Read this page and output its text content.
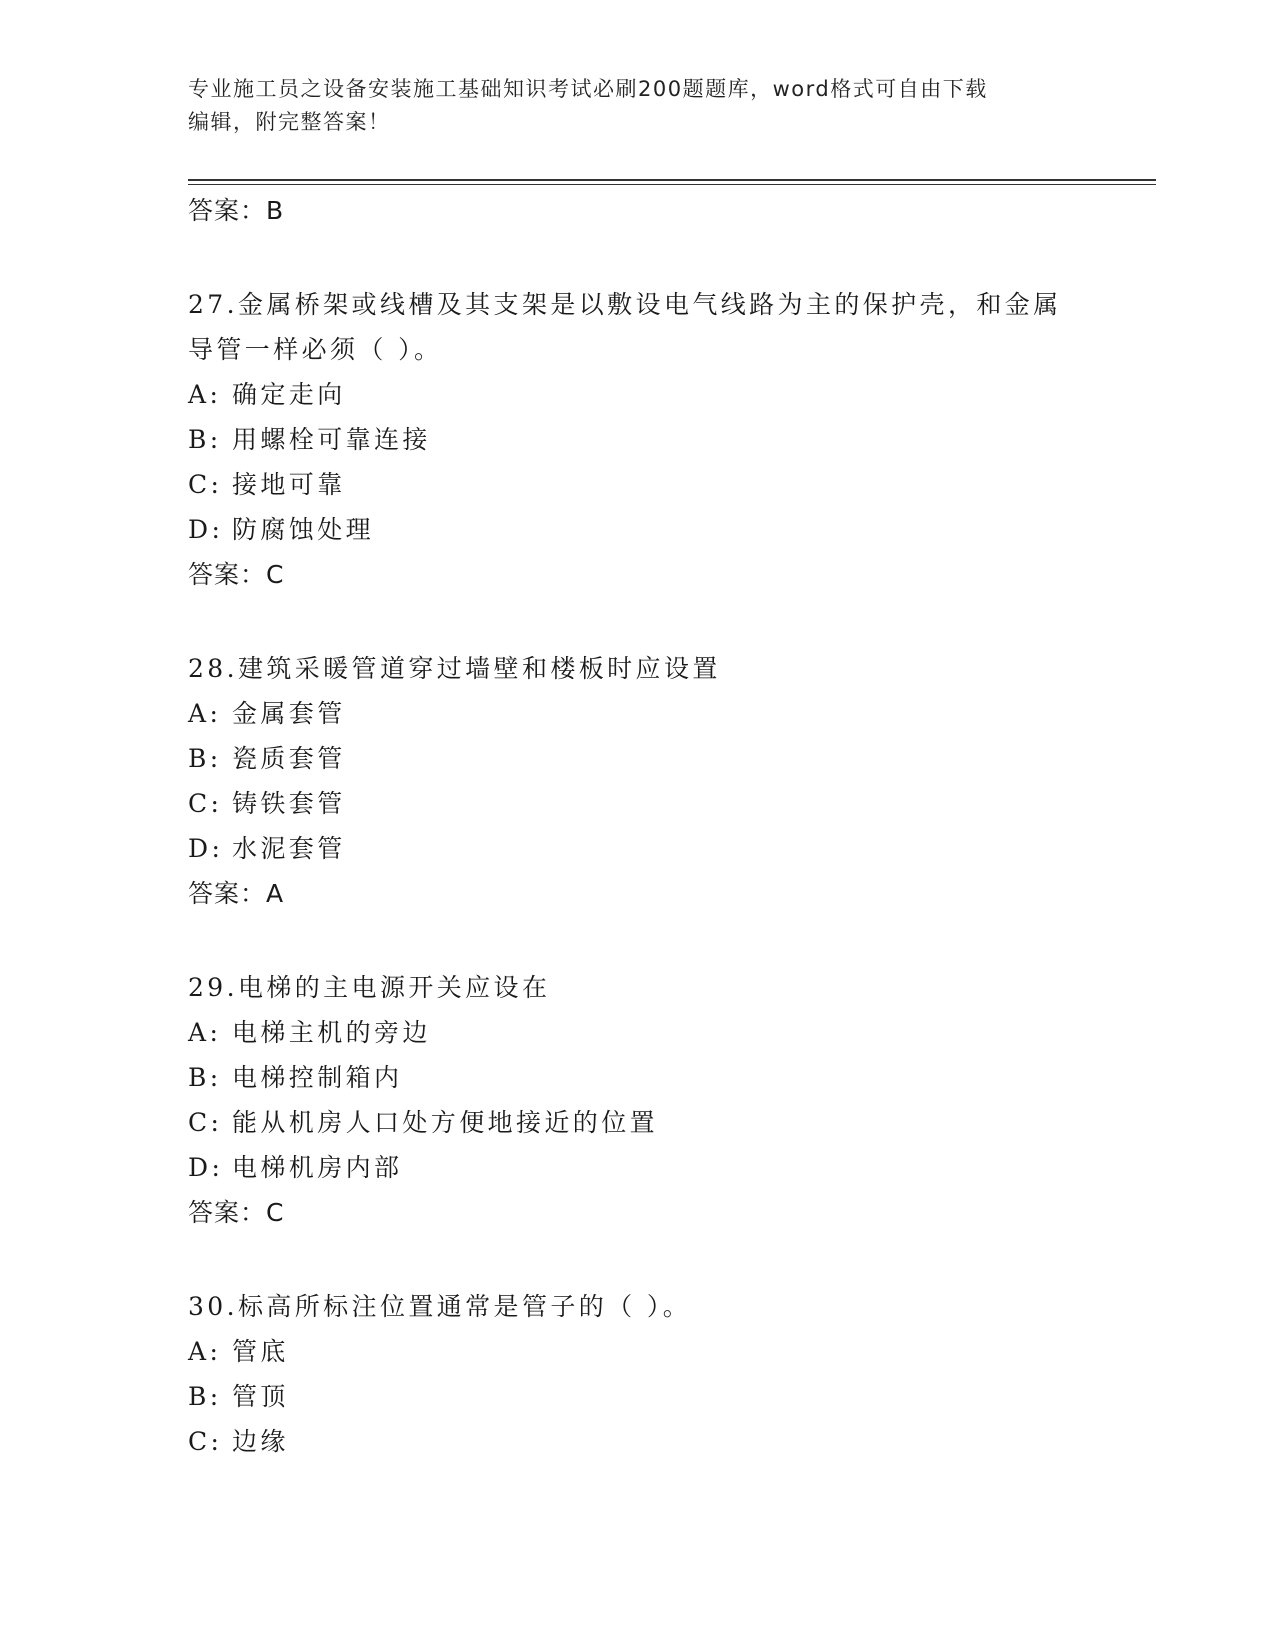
专业施工员之设备安装施工基础知识考试必刷200题题库，word格式可自由下载
编辑，附完整答案！
答案：B
27.金属桥架或线槽及其支架是以敷设电气线路为主的保护壳，和金属
导管一样必须（ ）。
A: 确定走向
B: 用螺栓可靠连接
C: 接地可靠
D: 防腐蚀处理
答案：C
28.建筑采暖管道穿过墙壁和楼板时应设置
A: 金属套管
B: 瓷质套管
C: 铸铁套管
D: 水泥套管
答案：A
29.电梯的主电源开关应设在
A: 电梯主机的旁边
B: 电梯控制箱内
C: 能从机房人口处方便地接近的位置
D: 电梯机房内部
答案：C
30.标高所标注位置通常是管子的（ ）。
A: 管底
B: 管顶
C: 边缘
